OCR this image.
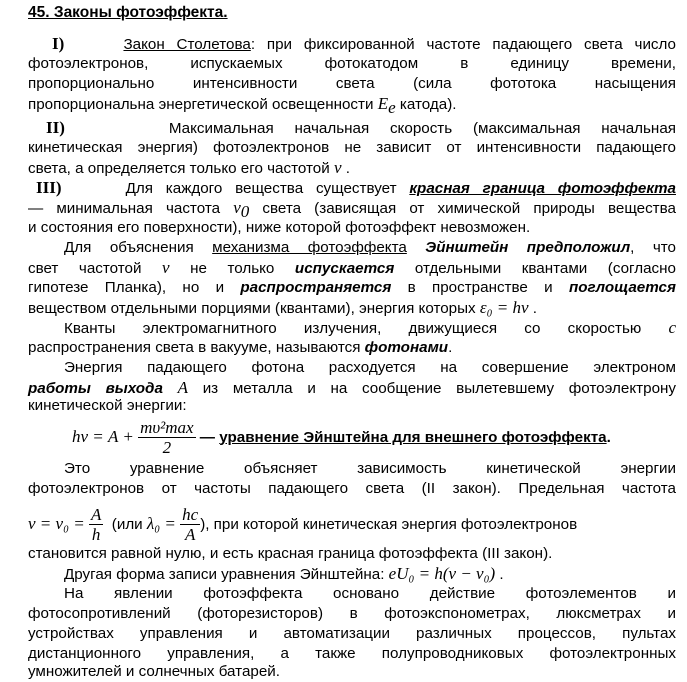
45. Законы фотоэффекта.
I)	Закон Столетова: при фиксированной частоте падающего света число
фотоэлектронов, испускаемых фотокатодом в единицу времени,
пропорционально интенсивности света (сила фототока насыщения
пропорциональна энергетической освещенности $E_e$ катода).
II)	Максимальная начальная скорость (максимальная начальная
кинетическая энергия) фотоэлектронов не зависит от интенсивности падающего
света, а определяется только его частотой ν .
III)	Для каждого вещества существует красная граница фотоэффекта
— минимальная частота $\nu_0$ света (зависящая от химической природы вещества
и состояния его поверхности), ниже которой фотоэффект невозможен.
Для объяснения механизма фотоэффекта Эйнштейн предположил, что
свет частотой ν не только испускается отдельными квантами (согласно
гипотезе Планка), но и распространяется в пространстве и поглощается
веществом отдельными порциями (квантами), энергия которых ε₀ = hν .
Кванты электромагнитного излучения, движущиеся со скоростью c
распространения света в вакууме, называются фотонами.
Энергия падающего фотона расходуется на совершение электроном
работы выхода A из металла и на сообщение вылетевшему фотоэлектрону
кинетической энергии:
hν = A +
$\frac{\text{mυ²max}}{2}$
—
уравнение Эйнштейна для внешнего фотоэффекта .
Это уравнение объясняет зависимость кинетической энергии
фотоэлектронов от частоты падающего света (II закон). Предельная частота
ν = ν₀ =
$\frac{A}{h}$
(или
λ₀ =
$\frac{hc}{A}$ ), при которой кинетическая энергия фотоэлектронов
становится равной нулю, и есть красная граница фотоэффекта (III закон).
Другая форма записи уравнения Эйнштейна: eU₀ = h(ν − ν₀) .
На явлении фотоэффекта основано действие фотоэлементов и
фотосопротивлений (фоторезисторов) в фотоэкспонометрах, люксметрах и
устройствах управления и автоматизации различных процессов, пультах
дистанционного управления, а также полупроводниковых фотоэлектронных
умножителей и солнечных батарей.
